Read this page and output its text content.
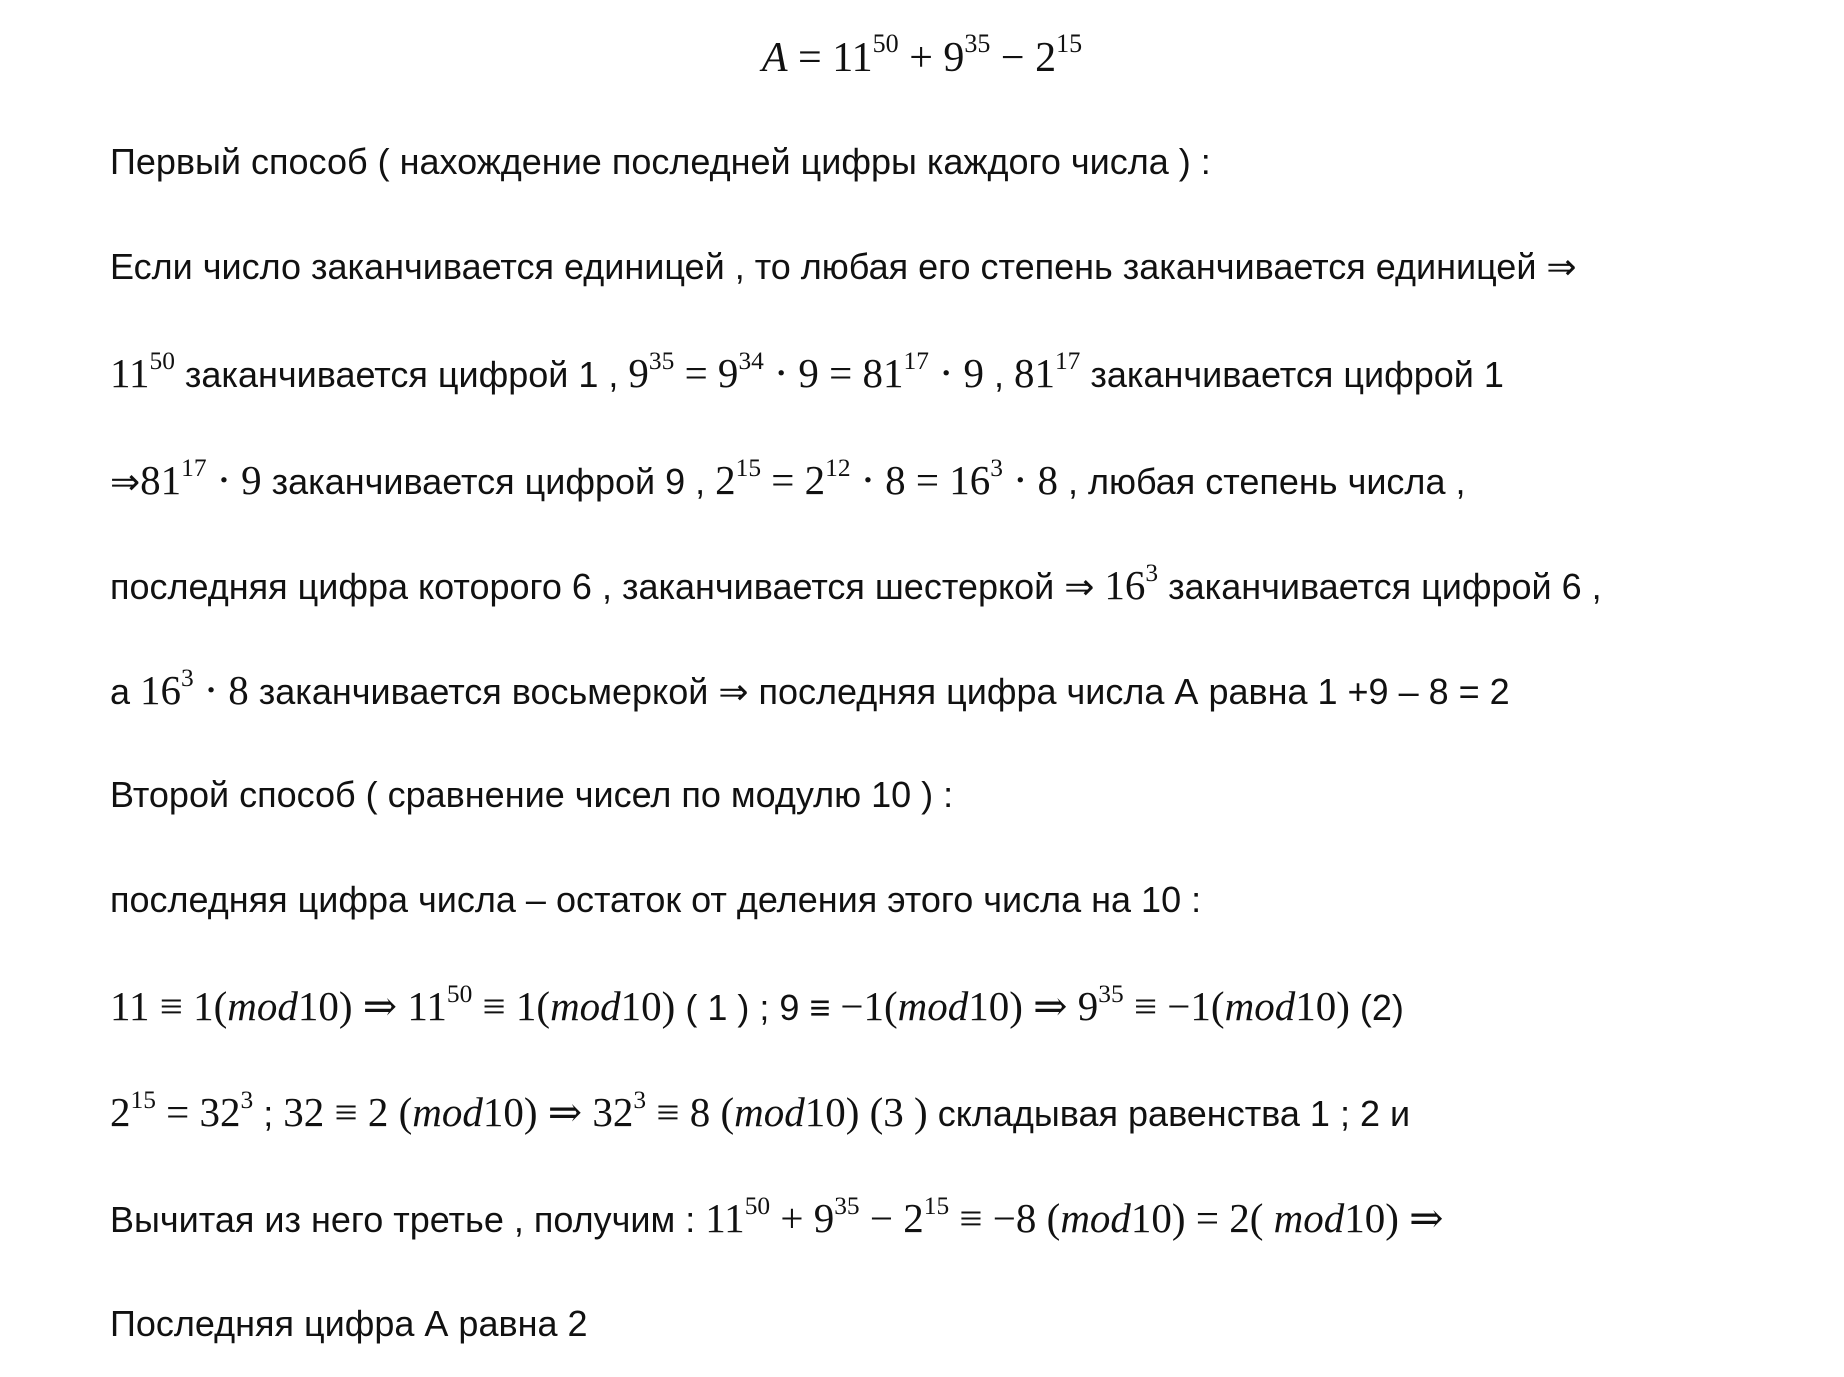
$A = 11^{50} + 9^{35} - 2^{15}$
Первый способ ( нахождение последней цифры каждого числа ) :
Если число заканчивается единицей , то любая его степень заканчивается единицей ⇒
$11^{50}$ заканчивается цифрой 1 , $9^{35} = 9^{34} \cdot 9 = 81^{17} \cdot 9$ , $81^{17}$ заканчивается цифрой 1
$\Rightarrow 81^{17} \cdot 9$ заканчивается цифрой 9 , $2^{15} = 2^{12} \cdot 8 = 16^3 \cdot 8$ , любая степень числа ,
последняя цифра которого 6 , заканчивается шестеркой ⇒ $16^3$ заканчивается цифрой 6 ,
а $16^3 \cdot 8$ заканчивается восьмеркой ⇒ последняя цифра числа А равна 1 +9 – 8 = 2
Второй способ ( сравнение чисел по модулю 10 ) :
последняя цифра числа – остаток от деления этого числа на 10 :
11 ≡ 1(mod10) ⇒ $11^{50} \equiv 1(mod10)$ ( 1 ) ; 9 ≡ −1(mod10) ⇒ $9^{35} \equiv -1(mod10)$ (2)
$2^{15} = 32^3$ ; 32 ≡ 2 (mod10) ⇒ $32^3 \equiv 8$ (mod10) (3 ) складывая равенства 1 ; 2 и
Вычитая из него третье , получим : $11^{50} + 9^{35} - 2^{15} \equiv -8$ (mod10) = 2( mod10) ⇒
Последняя цифра А равна 2
